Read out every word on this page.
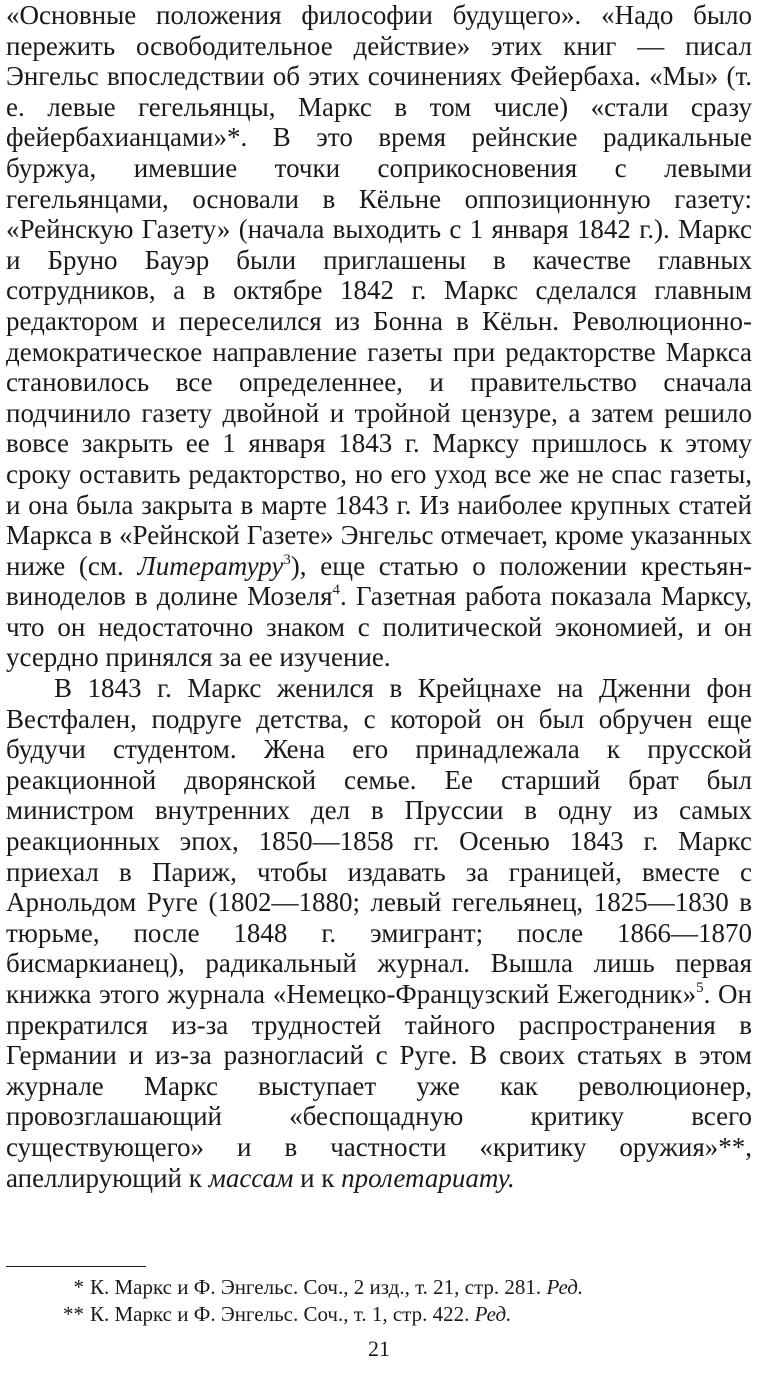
«Основные положения философии будущего». «Надо было пережить освободительное действие» этих книг — писал Энгельс впоследствии об этих сочинениях Фейербаха. «Мы» (т. е. левые гегельянцы, Маркс в том числе) «стали сразу фейербахианцами»*. В это время рейнские радикальные буржуа, имевшие точки соприкосновения с левыми гегельянцами, основали в Кёльне оппозиционную газету: «Рейнскую Газету» (начала выходить с 1 января 1842 г.). Маркс и Бруно Бауэр были приглашены в качестве главных сотрудников, а в октябре 1842 г. Маркс сделался главным редактором и переселился из Бонна в Кёльн. Революционно-демократическое направление газеты при редакторстве Маркса становилось все определеннее, и правительство сначала подчинило газету двойной и тройной цензуре, а затем решило вовсе закрыть ее 1 января 1843 г. Марксу пришлось к этому сроку оставить редакторство, но его уход все же не спас газеты, и она была закрыта в марте 1843 г. Из наиболее крупных статей Маркса в «Рейнской Газете» Энгельс отмечает, кроме указанных ниже (см. Литературу$^3$), еще статью о положении крестьян-виноделов в долине Мозеля$^4$. Газетная работа показала Марксу, что он недостаточно знаком с политической экономией, и он усердно принялся за ее изучение.

В 1843 г. Маркс женился в Крейцнахе на Дженни фон Вестфален, подруге детства, с которой он был обручен еще будучи студентом. Жена его принадлежала к прусской реакционной дворянской семье. Ее старший брат был министром внутренних дел в Пруссии в одну из самых реакционных эпох, 1850—1858 гг. Осенью 1843 г. Маркс приехал в Париж, чтобы издавать за границей, вместе с Арнольдом Руге (1802—1880; левый гегельянец, 1825—1830 в тюрьме, после 1848 г. эмигрант; после 1866—1870 бисмаркианец), радикальный журнал. Вышла лишь первая книжка этого журнала «Немецко-Французский Ежегодник»$^5$. Он прекратился из-за трудностей тайного распространения в Германии и из-за разногласий с Руге. В своих статьях в этом журнале Маркс выступает уже как революционер, провозглашающий «беспощадную критику всего существующего» и в частности «критику оружия»**, апеллирующий к массам и к пролетариату.

* К. Маркс и Ф. Энгельс. Соч., 2 изд., т. 21, стр. 281.
Ред.
** К. Маркс и Ф. Энгельс. Соч., т. 1, стр. 422.
Ред.
21
